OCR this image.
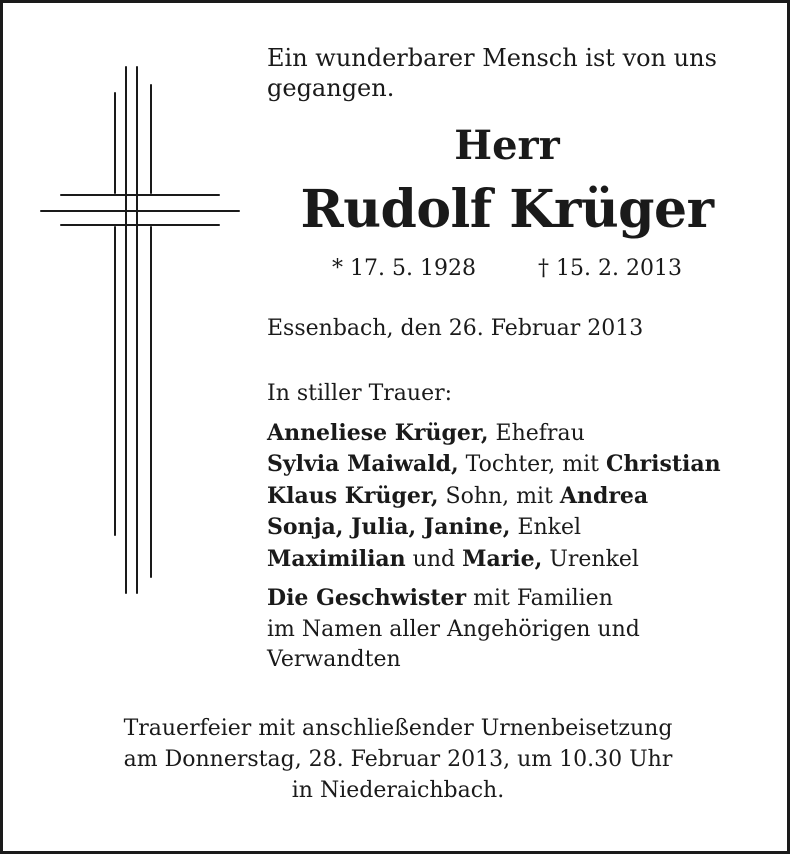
Ein wunderbarer Mensch ist von uns
gegangen.
Herr
Rudolf Krüger
* 17. 5. 1928	† 15. 2. 2013
Essenbach, den 26. Februar 2013

In stiller Trauer:

Anneliese Krüger, Ehefrau

Sylvia Maiwald, Tochter, mit Christian

Klaus Krüger, Sohn, mit Andrea

Sonja, Julia, Janine, Enkel

Maximilian und Marie, Urenkel

Die Geschwister mit Familien

im Namen aller Angehörigen und

Verwandten

Trauerfeier mit anschließender Urnenbeisetzung

am Donnerstag, 28. Februar 2013, um 10.30 Uhr

in Niederaichbach.
